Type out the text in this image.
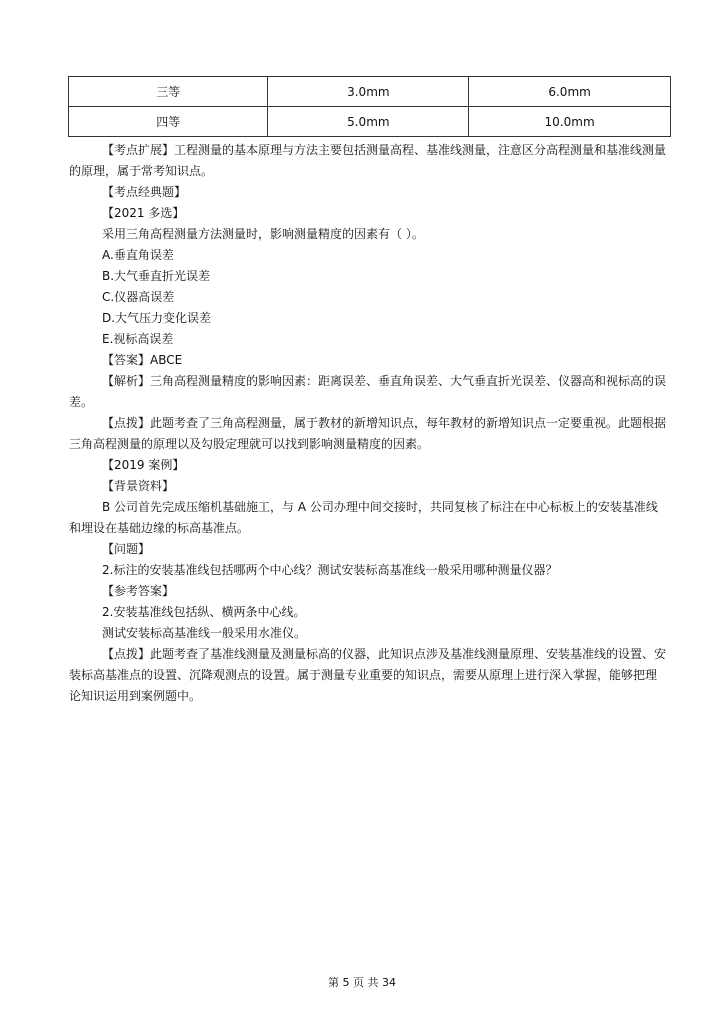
三等	3.0mm	6.0mm
四等	5.0mm	10.0mm

【考点扩展】工程测量的基本原理与方法主要包括测量高程、基准线测量，注意区分高程测量和基准线测量的原理，属于常考知识点。

【考点经典题】

【2021 多选】

采用三角高程测量方法测量时，影响测量精度的因素有（ ）。

A.垂直角误差

B.大气垂直折光误差

C.仪器高误差

D.大气压力变化误差

E.视标高误差

【答案】ABCE

【解析】三角高程测量精度的影响因素：距离误差、垂直角误差、大气垂直折光误差、仪器高和视标高的误差。

【点拨】此题考查了三角高程测量，属于教材的新增知识点，每年教材的新增知识点一定要重视。此题根据三角高程测量的原理以及勾股定理就可以找到影响测量精度的因素。

【2019 案例】

【背景资料】

B 公司首先完成压缩机基础施工，与 A 公司办理中间交接时，共同复核了标注在中心标板上的安装基准线和埋设在基础边缘的标高基准点。

【问题】

2.标注的安装基准线包括哪两个中心线？测试安装标高基准线一般采用哪种测量仪器？

【参考答案】

2.安装基准线包括纵、横两条中心线。

测试安装标高基准线一般采用水准仪。

【点拨】此题考查了基准线测量及测量标高的仪器，此知识点涉及基准线测量原理、安装基准线的设置、安装标高基准点的设置、沉降观测点的设置。属于测量专业重要的知识点，需要从原理上进行深入掌握，能够把理论知识运用到案例题中。

第 5 页 共 34
